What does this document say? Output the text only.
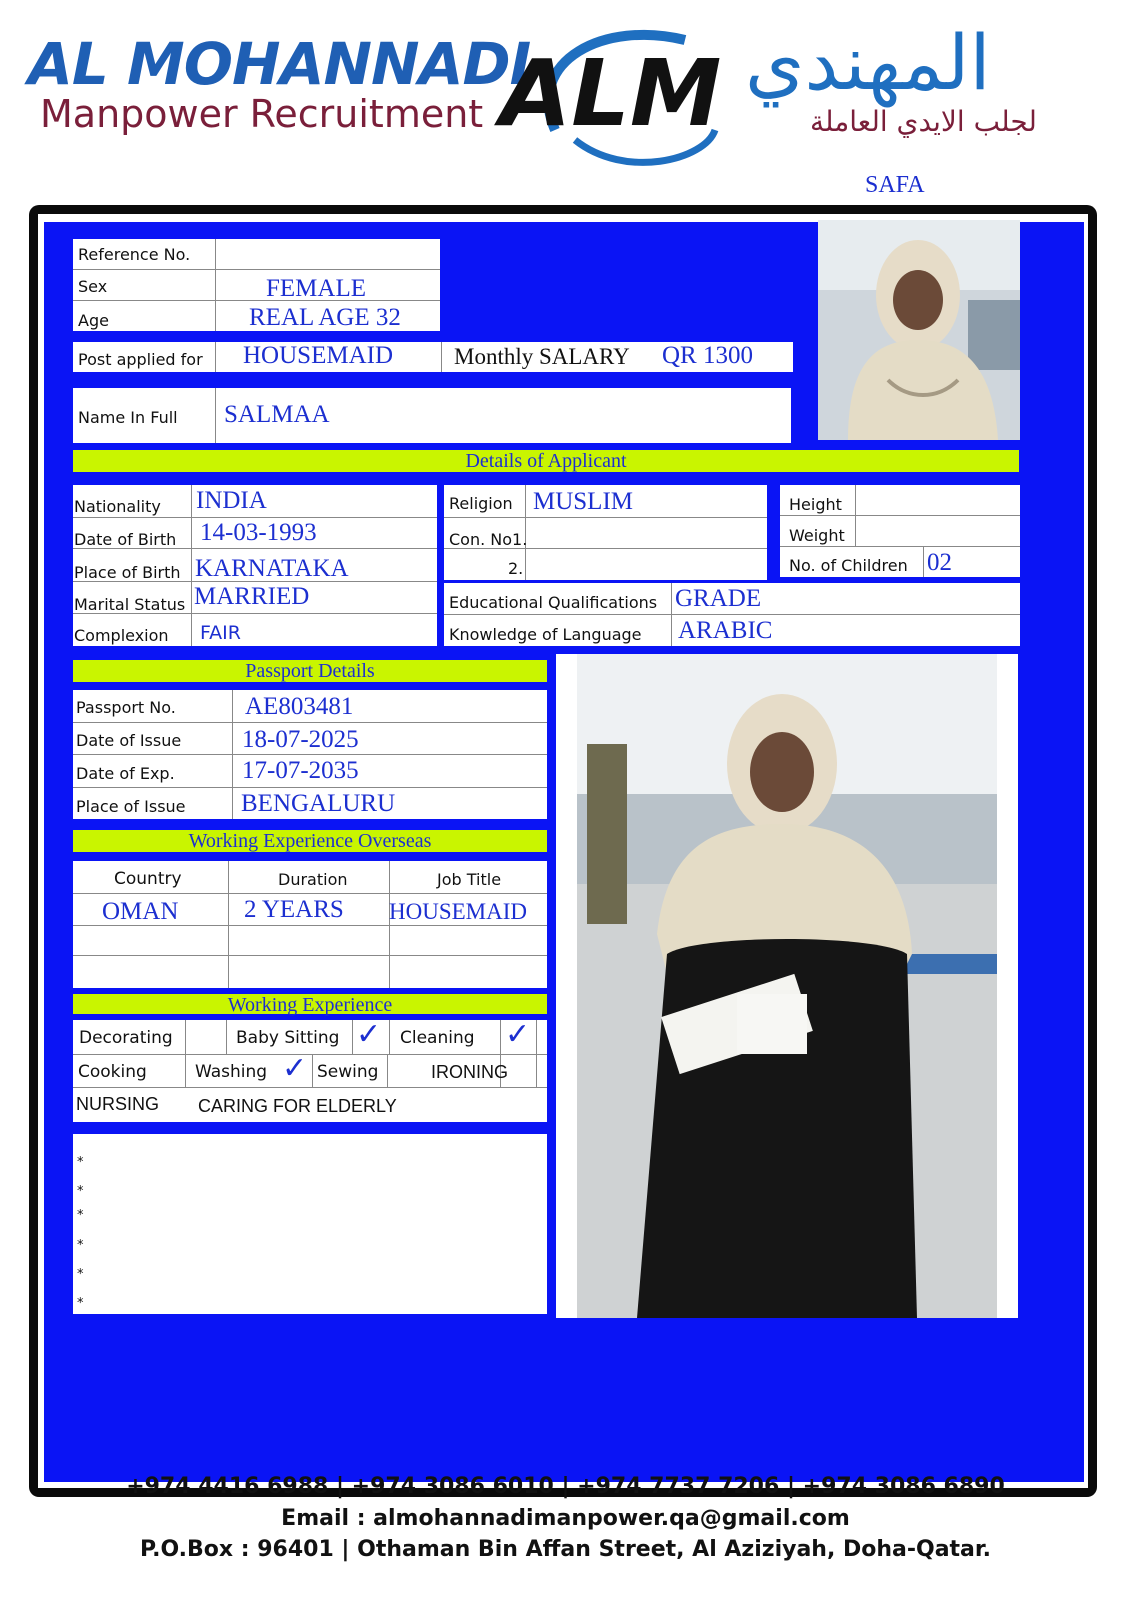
AL MOHANNADI
Manpower Recruitment ALM المهندي
لجلب الايدي العاملة
SAFA
Reference No.
Sex	FEMALE
Age	REAL AGE 32
Post applied for HOUSEMAID	Monthly SALARY QR 1300
Name In Full SALMAA
Details of Applicant
Nationality INDIA
Date of Birth 14-03-1993
Place of Birth KARNATAKA
Marital Status MARRIED
Complexion FAIR
Religion MUSLIM
Con. No1.
2.
Height
Weight
No. of Children 02
Educational Qualifications GRADE
Knowledge of Language ARABIC
Passport Details
Passport No.	AE803481
Date of Issue 18-07-2025
Date of Exp.	17-07-2035
Place of Issue BENGALURU
Working Experience Overseas
Country	Duration	Job Title
OMAN	2 YEARS HOUSEMAID
Working Experience
Decorating	Baby Sitting ✓ Cleaning ✓
Cooking	Washing ✓ Sewing	IRONING
NURSING CARING FOR ELDERLY
*
*
*
*
*
*
+974 4416 6988 | +974 3086 6010 | +974 7737 7206 | +974 3086 6890
Email : almohannadimanpower.qa@gmail.com
P.O.Box : 96401 | Othaman Bin Affan Street, Al Aziziyah, Doha-Qatar.
